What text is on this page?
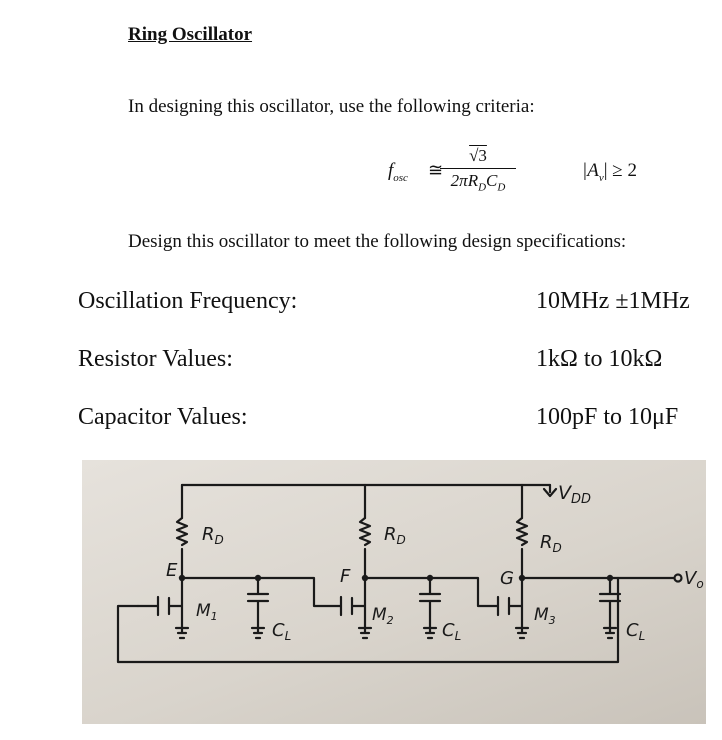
Ring Oscillator
In designing this oscillator, use the following criteria:
$f_{osc}$ ≅
√3
$2\pi R_DC_D$
$|A_v| \ge 2$
Design this oscillator to meet the following design specifications:
Oscillation Frequency:	10MHz ±1MHz
Resistor Values:	1kΩ to 10kΩ
Capacitor Values:	100pF to 10μF
$V_{DD}$
$R_D$	$R_D$	$R_D$
E	F	G
$M_1$	$M_2$	$M_3$
$C_L$	$C_L$	$C_L$
$V_o$
